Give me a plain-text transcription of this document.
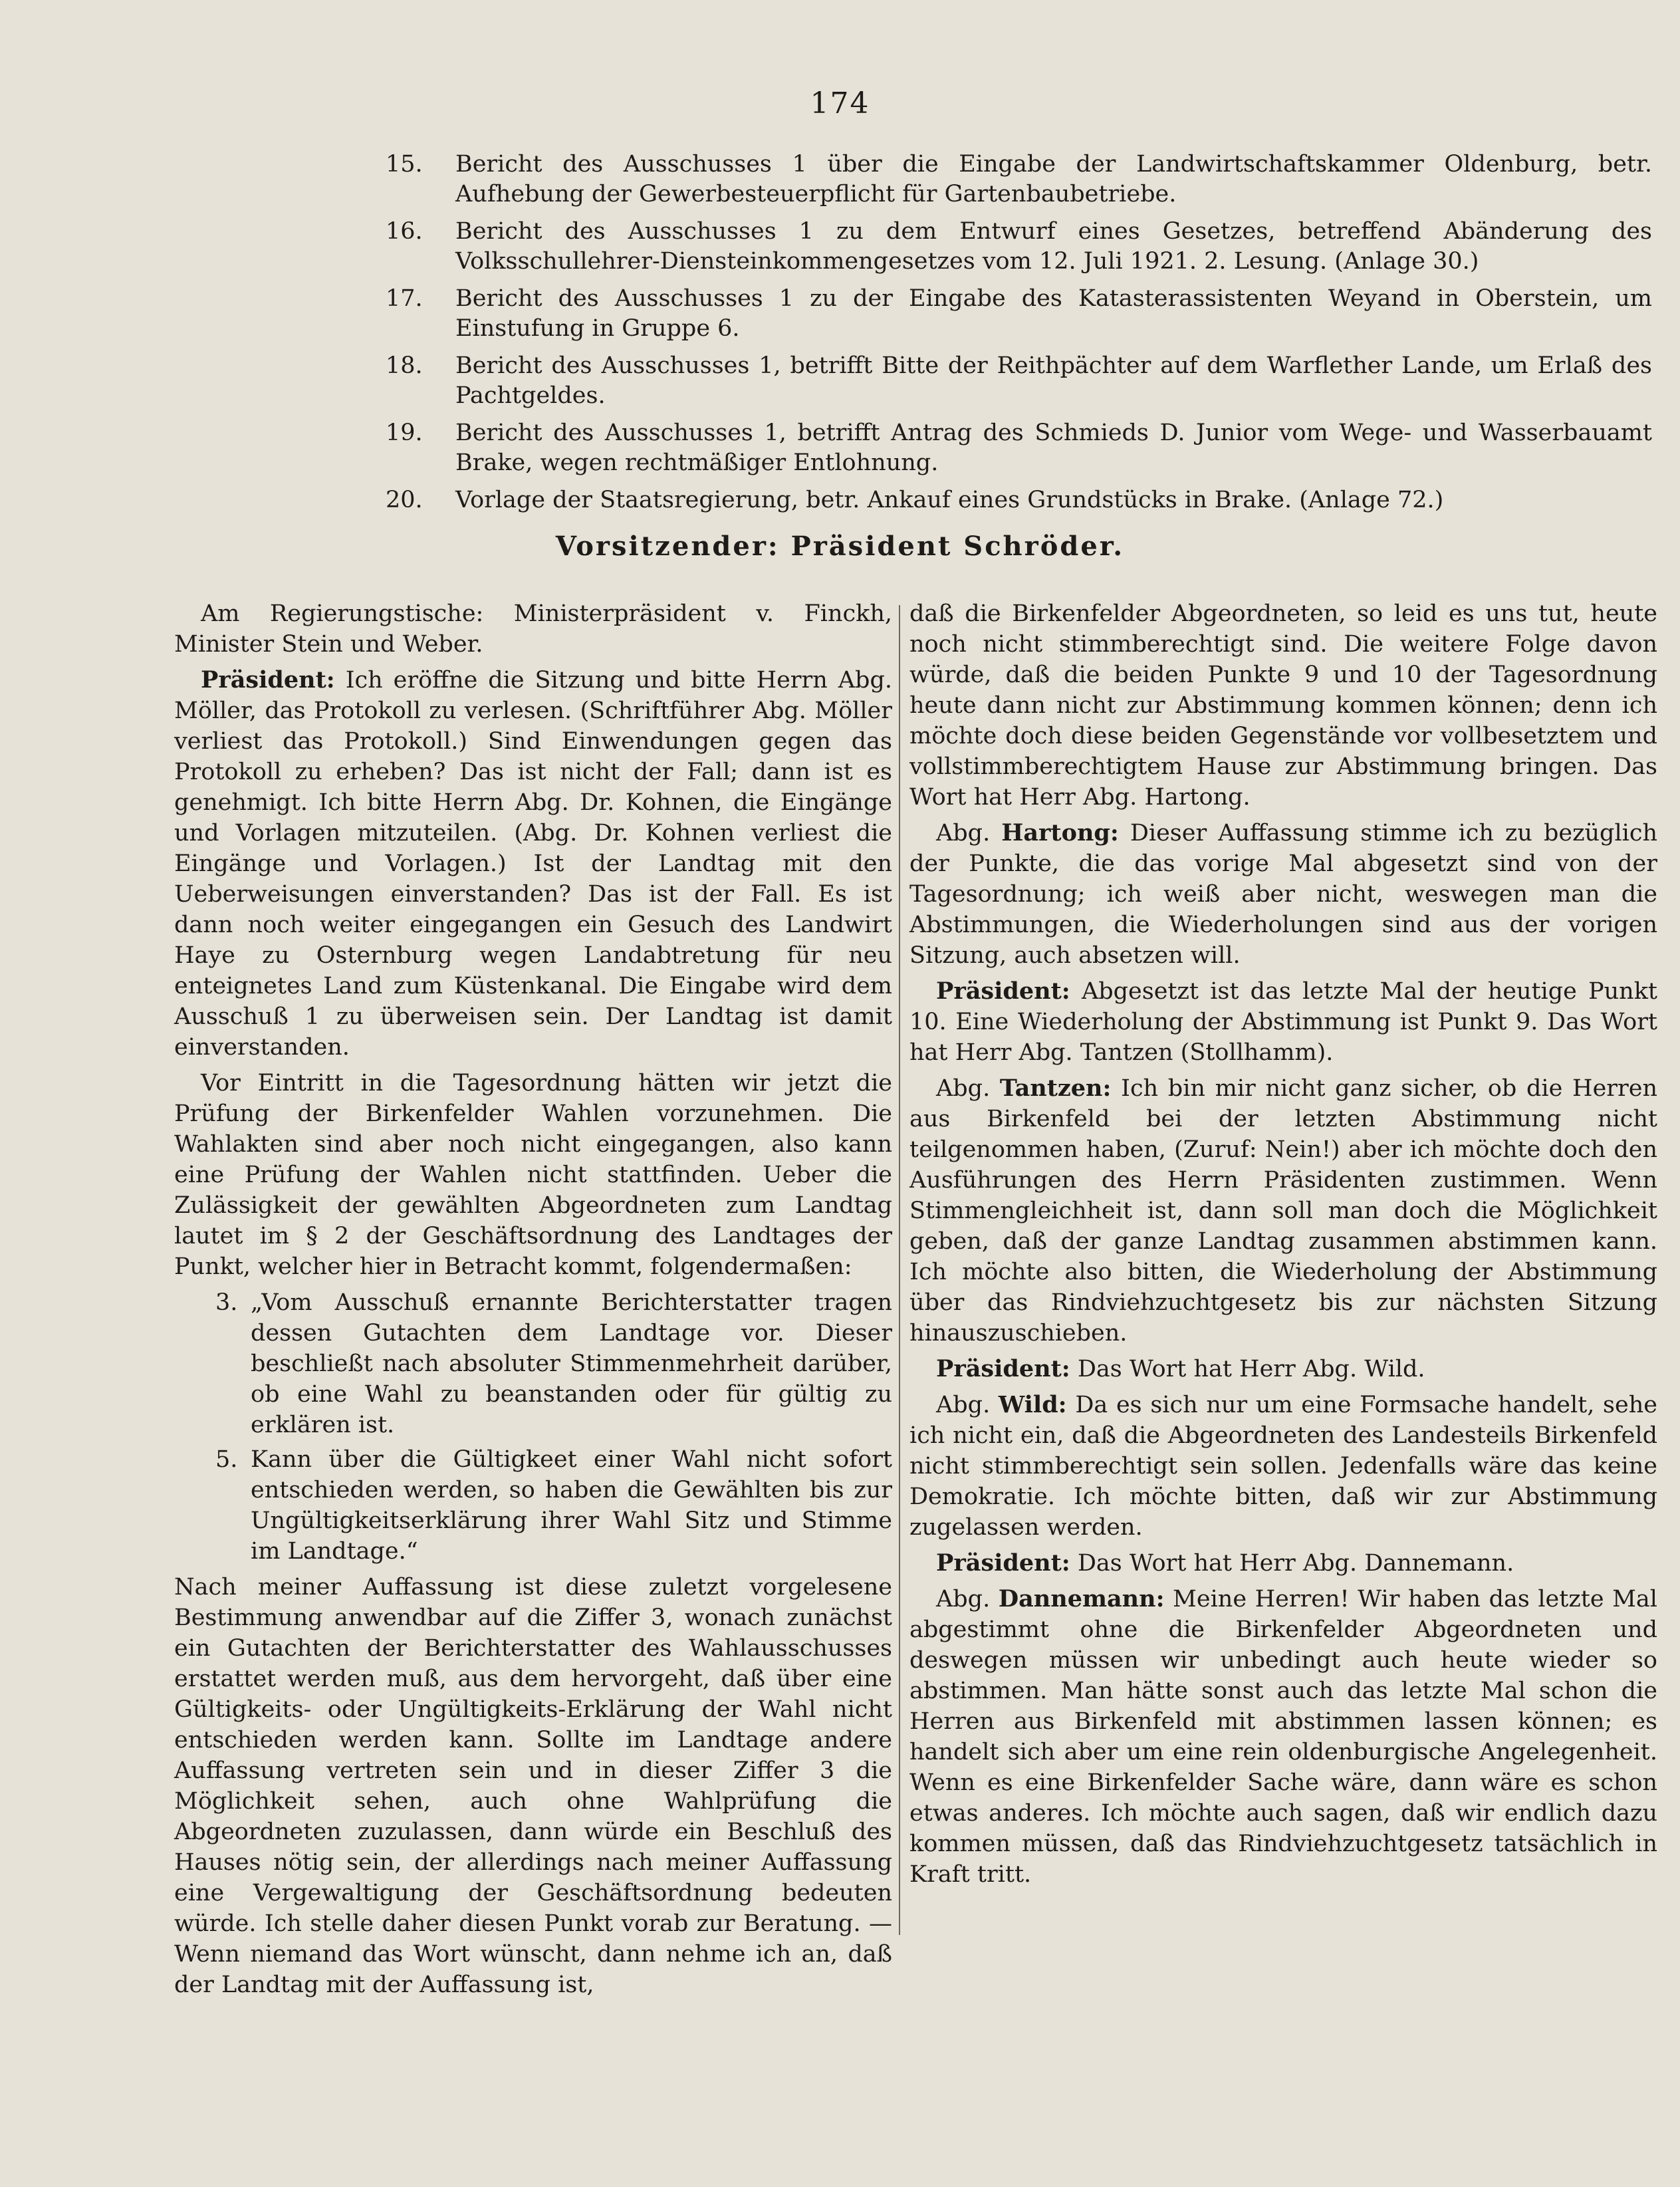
174
15. Bericht des Ausschusses 1 über die Eingabe der Landwirtschaftskammer Oldenburg, betr. Aufhebung der Gewerbesteuerpflicht für Gartenbaubetriebe.
16. Bericht des Ausschusses 1 zu dem Entwurf eines Gesetzes, betreffend Abänderung des Volksschullehrer-Diensteinkommengesetzes vom 12. Juli 1921. 2. Lesung. (Anlage 30.)
17. Bericht des Ausschusses 1 zu der Eingabe des Katasterassistenten Weyand in Oberstein, um Einstufung in Gruppe 6.
18. Bericht des Ausschusses 1, betrifft Bitte der Reithpächter auf dem Warflether Lande, um Erlaß des Pachtgeldes.
19. Bericht des Ausschusses 1, betrifft Antrag des Schmieds D. Junior vom Wege- und Wasserbauamt Brake, wegen rechtmäßiger Entlohnung.
20. Vorlage der Staatsregierung, betr. Ankauf eines Grundstücks in Brake. (Anlage 72.)
Vorsitzender: Präsident Schröder.

Am Regierungstische: Ministerpräsident v. Finckh, Minister Stein und Weber.

Präsident: Ich eröffne die Sitzung und bitte Herrn Abg. Möller, das Protokoll zu verlesen. (Schriftführer Abg. Möller verliest das Protokoll.) Sind Einwendungen gegen das Protokoll zu erheben? Das ist nicht der Fall; dann ist es genehmigt. Ich bitte Herrn Abg. Dr. Kohnen, die Eingänge und Vorlagen mitzuteilen. (Abg. Dr. Kohnen verliest die Eingänge und Vorlagen.) Ist der Landtag mit den Ueberweisungen einverstanden? Das ist der Fall. Es ist dann noch weiter eingegangen ein Gesuch des Landwirt Haye zu Osternburg wegen Landabtretung für neu enteignetes Land zum Küstenkanal. Die Eingabe wird dem Ausschuß 1 zu überweisen sein. Der Landtag ist damit einverstanden.

Vor Eintritt in die Tagesordnung hätten wir jetzt die Prüfung der Birkenfelder Wahlen vorzunehmen. Die Wahlakten sind aber noch nicht eingegangen, also kann eine Prüfung der Wahlen nicht stattfinden. Ueber die Zulässigkeit der gewählten Abgeordneten zum Landtag lautet im § 2 der Geschäftsordnung des Landtages der Punkt, welcher hier in Betracht kommt, folgendermaßen:

3. „Vom Ausschuß ernannte Berichterstatter tragen dessen Gutachten dem Landtage vor. Dieser beschließt nach absoluter Stimmenmehrheit darüber, ob eine Wahl zu beanstanden oder für gültig zu erklären ist.
5. Kann über die Gültigkeet einer Wahl nicht sofort entschieden werden, so haben die Gewählten bis zur Ungültigkeitserklärung ihrer Wahl Sitz und Stimme im Landtage.“

Nach meiner Auffassung ist diese zuletzt vorgelesene Bestimmung anwendbar auf die Ziffer 3, wonach zunächst ein Gutachten der Berichterstatter des Wahlausschusses erstattet werden muß, aus dem hervorgeht, daß über eine Gültigkeits- oder Ungültigkeits-Erklärung der Wahl nicht entschieden werden kann. Sollte im Landtage andere Auffassung vertreten sein und in dieser Ziffer 3 die Möglichkeit sehen, auch ohne Wahlprüfung die Abgeordneten zuzulassen, dann würde ein Beschluß des Hauses nötig sein, der allerdings nach meiner Auffassung eine Vergewaltigung der Geschäftsordnung bedeuten würde. Ich stelle daher diesen Punkt vorab zur Beratung. — Wenn niemand das Wort wünscht, dann nehme ich an, daß der Landtag mit der Auffassung ist,

daß die Birkenfelder Abgeordneten, so leid es uns tut, heute noch nicht stimmberechtigt sind. Die weitere Folge davon würde, daß die beiden Punkte 9 und 10 der Tagesordnung heute dann nicht zur Abstimmung kommen können; denn ich möchte doch diese beiden Gegenstände vor vollbesetztem und vollstimmberechtigtem Hause zur Abstimmung bringen. Das Wort hat Herr Abg. Hartong.

Abg. Hartong: Dieser Auffassung stimme ich zu bezüglich der Punkte, die das vorige Mal abgesetzt sind von der Tagesordnung; ich weiß aber nicht, weswegen man die Abstimmungen, die Wiederholungen sind aus der vorigen Sitzung, auch absetzen will.

Präsident: Abgesetzt ist das letzte Mal der heutige Punkt 10. Eine Wiederholung der Abstimmung ist Punkt 9. Das Wort hat Herr Abg. Tantzen (Stollhamm).

Abg. Tantzen: Ich bin mir nicht ganz sicher, ob die Herren aus Birkenfeld bei der letzten Abstimmung nicht teilgenommen haben, (Zuruf: Nein!) aber ich möchte doch den Ausführungen des Herrn Präsidenten zustimmen. Wenn Stimmengleichheit ist, dann soll man doch die Möglichkeit geben, daß der ganze Landtag zusammen abstimmen kann. Ich möchte also bitten, die Wiederholung der Abstimmung über das Rindviehzuchtgesetz bis zur nächsten Sitzung hinauszuschieben.

Präsident: Das Wort hat Herr Abg. Wild.

Abg. Wild: Da es sich nur um eine Formsache handelt, sehe ich nicht ein, daß die Abgeordneten des Landesteils Birkenfeld nicht stimmberechtigt sein sollen. Jedenfalls wäre das keine Demokratie. Ich möchte bitten, daß wir zur Abstimmung zugelassen werden.

Präsident: Das Wort hat Herr Abg. Dannemann.

Abg. Dannemann: Meine Herren! Wir haben das letzte Mal abgestimmt ohne die Birkenfelder Abgeordneten und deswegen müssen wir unbedingt auch heute wieder so abstimmen. Man hätte sonst auch das letzte Mal schon die Herren aus Birkenfeld mit abstimmen lassen können; es handelt sich aber um eine rein oldenburgische Angelegenheit. Wenn es eine Birkenfelder Sache wäre, dann wäre es schon etwas anderes. Ich möchte auch sagen, daß wir endlich dazu kommen müssen, daß das Rindviehzuchtgesetz tatsächlich in Kraft tritt.
